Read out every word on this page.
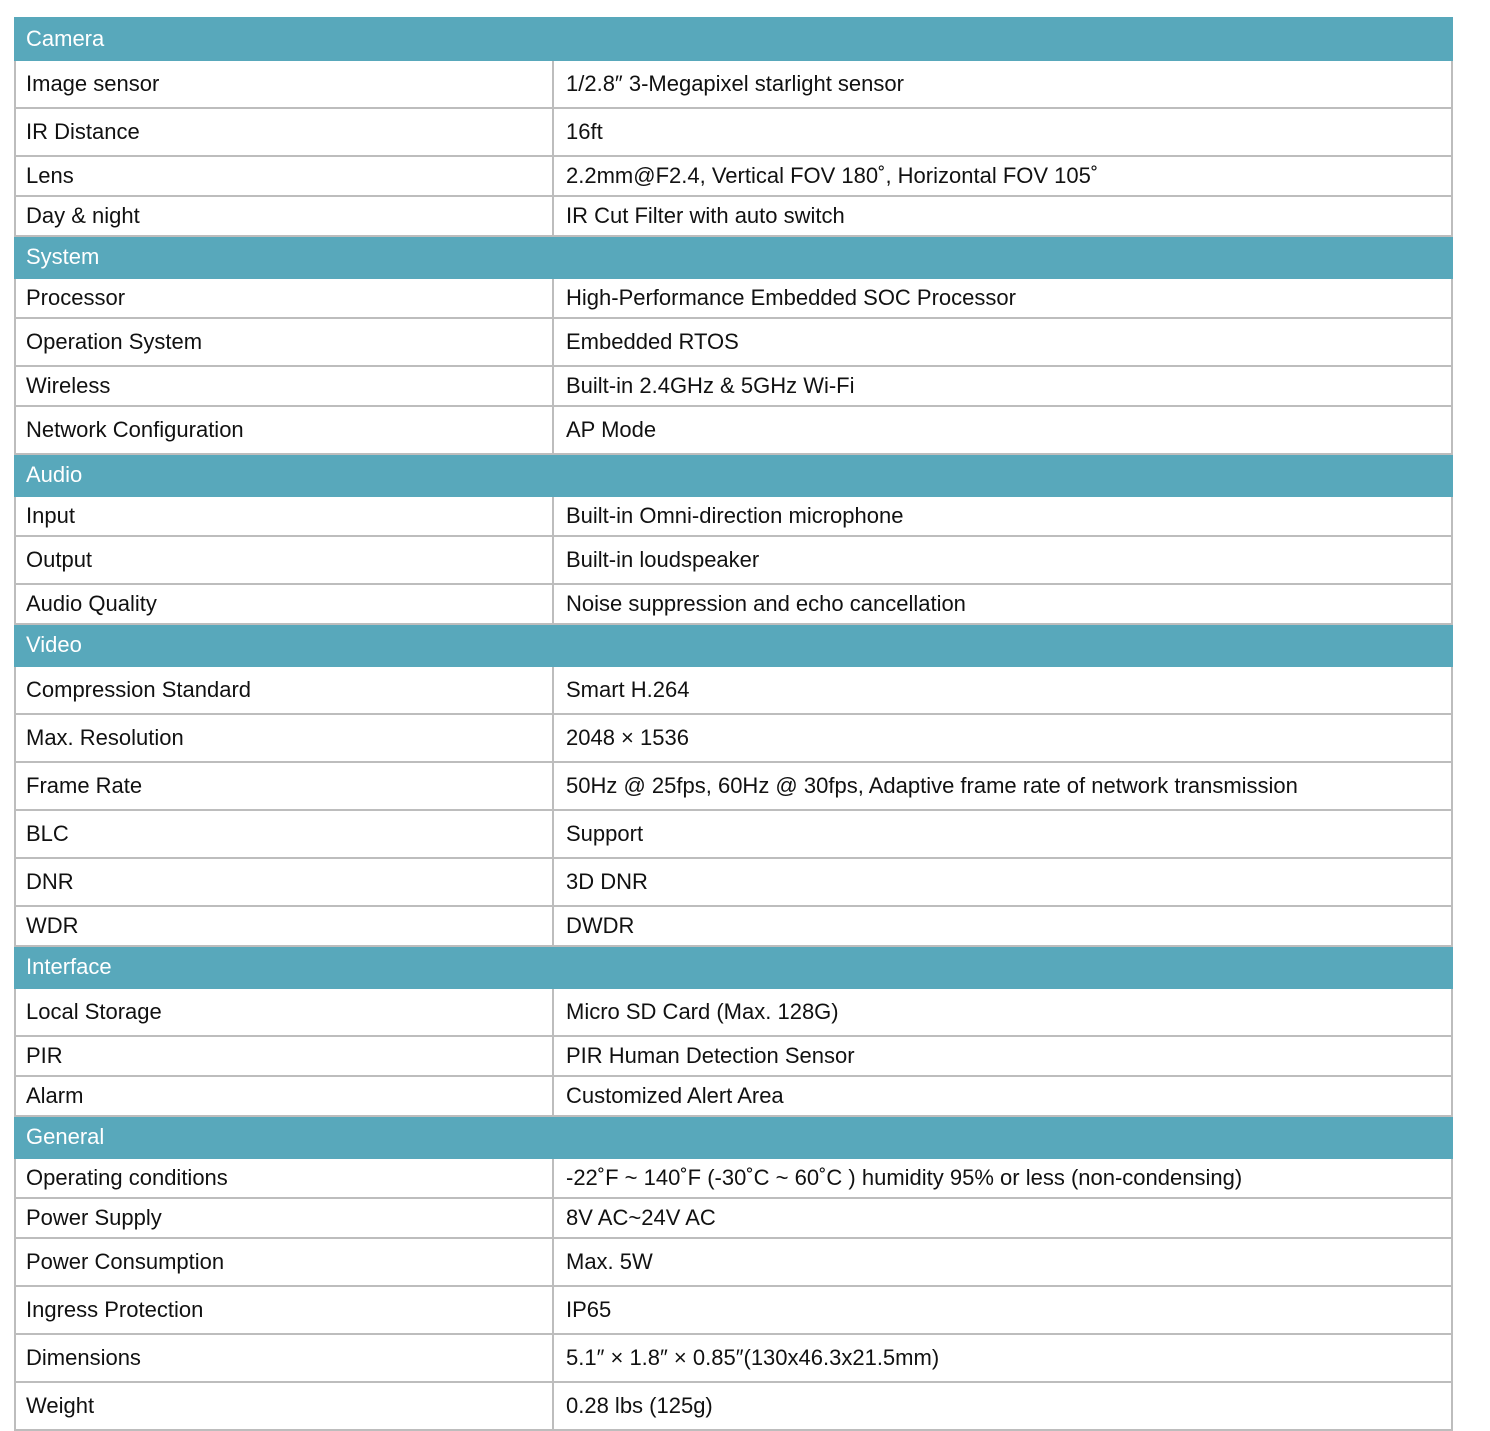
Camera	
Image sensor	1/2.8″ 3-Megapixel starlight sensor
IR Distance	16ft
Lens	2.2mm@F2.4, Vertical FOV 180˚, Horizontal FOV 105˚
Day & night	IR Cut Filter with auto switch
System	
Processor	High-Performance Embedded SOC Processor
Operation System	Embedded RTOS
Wireless	Built-in 2.4GHz & 5GHz Wi-Fi
Network Configuration	AP Mode
Audio	
Input	Built-in Omni-direction microphone
Output	Built-in loudspeaker
Audio Quality	Noise suppression and echo cancellation
Video	
Compression Standard	Smart H.264
Max. Resolution	2048 × 1536
Frame Rate	50Hz @ 25fps, 60Hz @ 30fps, Adaptive frame rate of network transmission
BLC	Support
DNR	3D DNR
WDR	DWDR
Interface	
Local Storage	Micro SD Card (Max. 128G)
PIR	PIR Human Detection Sensor
Alarm	Customized Alert Area
General	
Operating conditions	-22˚F ~ 140˚F (-30˚C ~ 60˚C ) humidity 95% or less (non-condensing)
Power Supply	8V AC~24V AC
Power Consumption	Max. 5W
Ingress Protection	IP65
Dimensions	5.1″ × 1.8″ × 0.85″(130x46.3x21.5mm)
Weight	0.28 lbs (125g)
